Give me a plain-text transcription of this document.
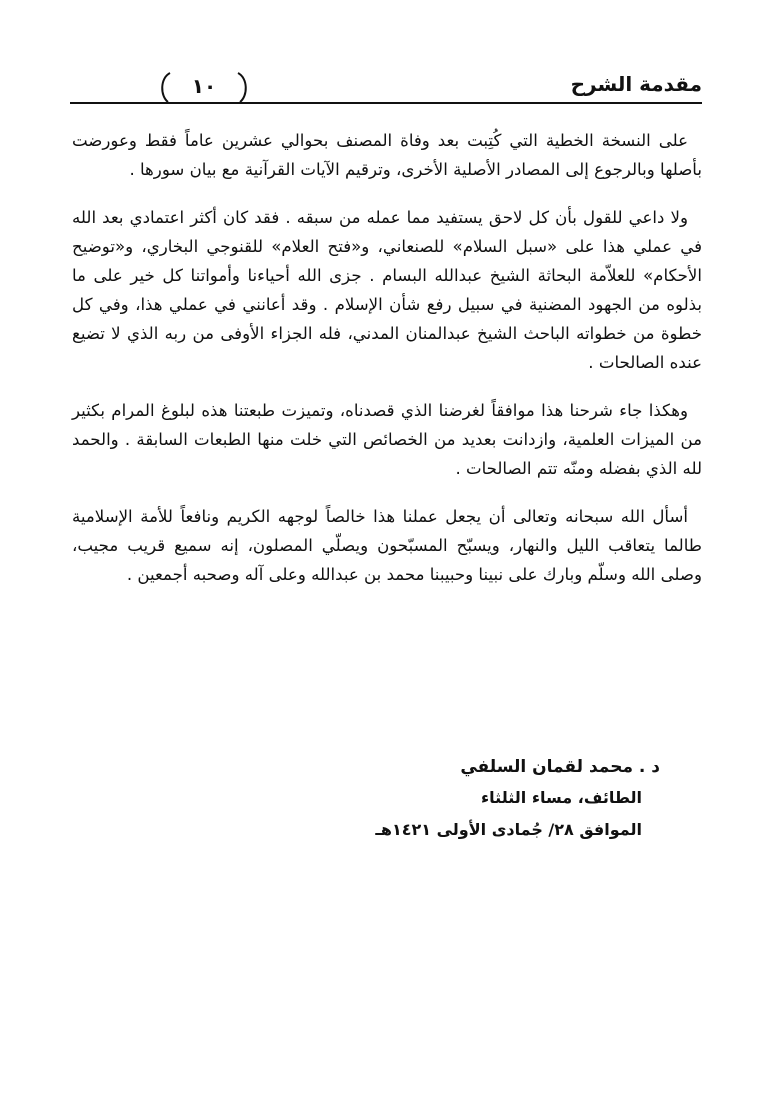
مقدمة الشرح
١٠

على النسخة الخطية التي كُتِبت بعد وفاة المصنف بحوالي عشرين عاماً فقط وعورضت بأصلها وبالرجوع إلى المصادر الأصلية الأخرى، وترقيم الآيات القرآنية مع بيان سورها .

ولا داعي للقول بأن كل لاحق يستفيد مما عمله من سبقه . فقد كان أكثر اعتمادي بعد الله في عملي هذا على «سبل السلام» للصنعاني، و«فتح العلام» للقنوجي البخاري، و«توضيح الأحكام» للعلاّمة البحاثة الشيخ عبدالله البسام . جزى الله أحياءنا وأمواتنا كل خير على ما بذلوه من الجهود المضنية في سبيل رفع شأن الإسلام . وقد أعانني في عملي هذا، وفي كل خطوة من خطواته الباحث الشيخ عبدالمنان المدني، فله الجزاء الأوفى من ربه الذي لا تضيع عنده الصالحات .

وهكذا جاء شرحنا هذا موافقاً لغرضنا الذي قصدناه، وتميزت طبعتنا هذه لبلوغ المرام بكثير من الميزات العلمية، وازدانت بعديد من الخصائص التي خلت منها الطبعات السابقة . والحمد لله الذي بفضله ومنّه تتم الصالحات .

أسأل الله سبحانه وتعالى أن يجعل عملنا هذا خالصاً لوجهه الكريم ونافعاً للأمة الإسلامية طالما يتعاقب الليل والنهار، ويسبّح المسبّحون ويصلّي المصلون، إنه سميع قريب مجيب، وصلى الله وسلّم وبارك على نبينا وحبيبنا محمد بن عبدالله وعلى آله وصحبه أجمعين .

د . محمد لقمان السلفي
الطائف، مساء الثلثاء
الموافق ٢٨/ جُمادى الأولى ١٤٢١هـ
